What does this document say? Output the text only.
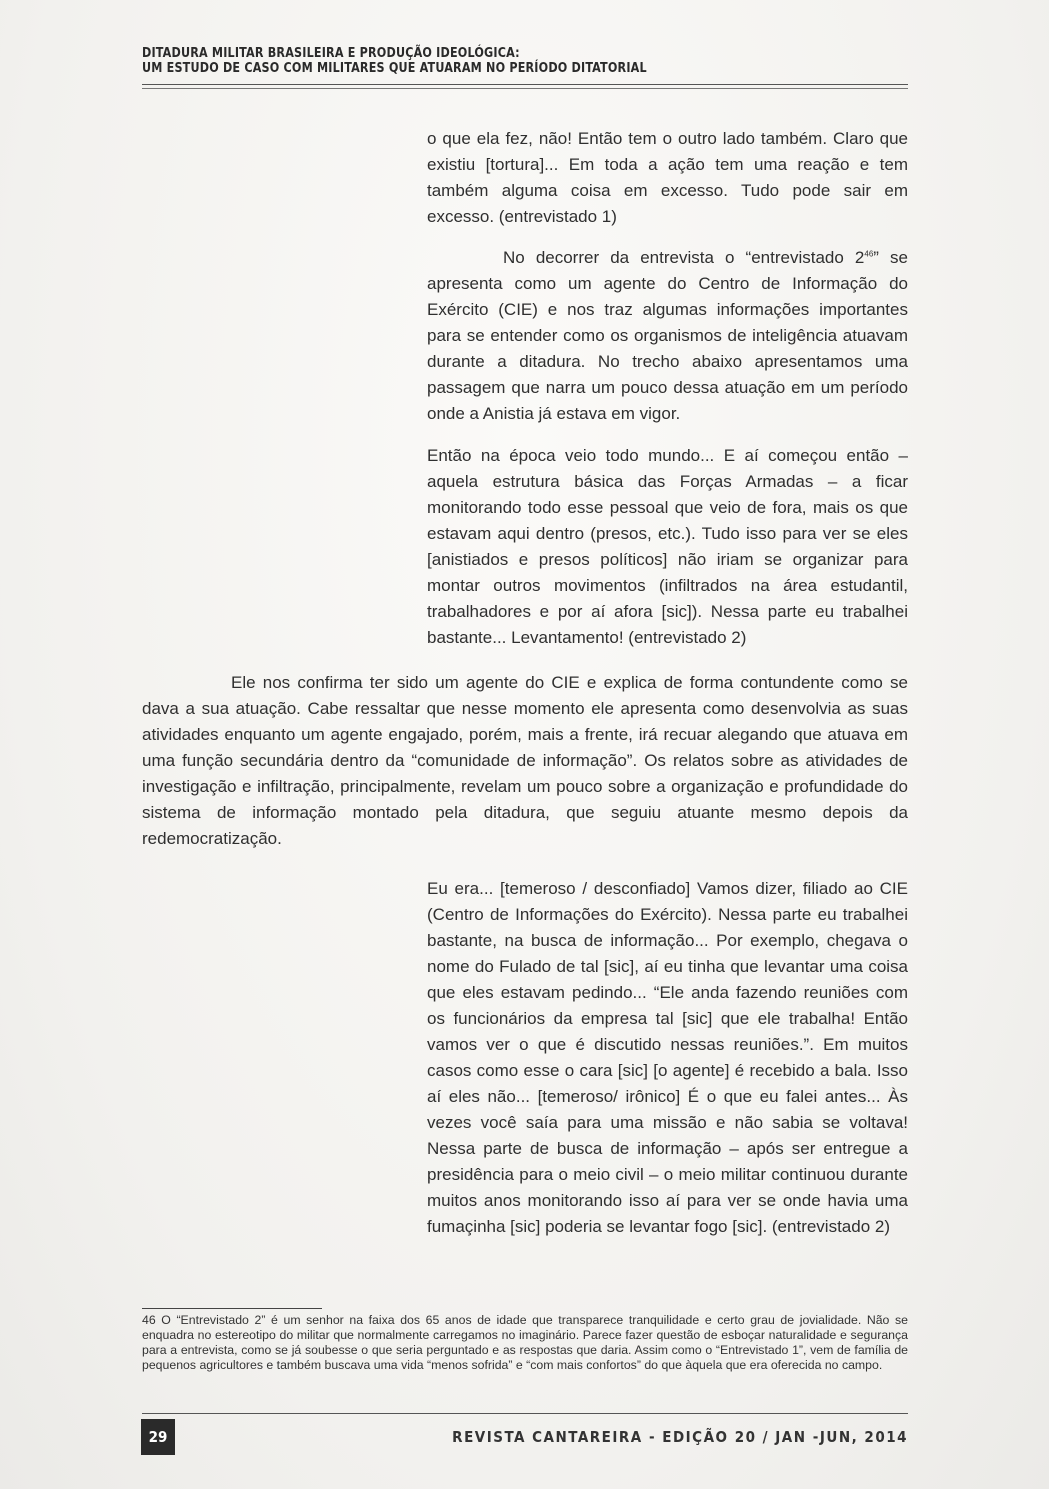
DITADURA MILITAR BRASILEIRA E PRODUÇÃO IDEOLÓGICA:
UM ESTUDO DE CASO COM MILITARES QUE ATUARAM NO PERÍODO DITATORIAL

o que ela fez, não! Então tem o outro lado também. Claro que existiu [tortura]... Em toda a ação tem uma reação e tem também alguma coisa em excesso. Tudo pode sair em excesso. (entrevistado 1)

No decorrer da entrevista o “entrevistado $2^{46}$” se apresenta como um agente do Centro de Informação do Exército (CIE) e nos traz algumas informações importantes para se entender como os organismos de inteligência atuavam durante a ditadura. No trecho abaixo apresentamos uma passagem que narra um pouco dessa atuação em um período onde a Anistia já estava em vigor.

Então na época veio todo mundo... E aí começou então – aquela estrutura básica das Forças Armadas – a ficar monitorando todo esse pessoal que veio de fora, mais os que estavam aqui dentro (presos, etc.). Tudo isso para ver se eles [anistiados e presos políticos] não iriam se organizar para montar outros movimentos (infiltrados na área estudantil, trabalhadores e por aí afora [sic]). Nessa parte eu trabalhei bastante... Levantamento! (entrevistado 2)

Ele nos confirma ter sido um agente do CIE e explica de forma contundente como se dava a sua atuação. Cabe ressaltar que nesse momento ele apresenta como desenvolvia as suas atividades enquanto um agente engajado, porém, mais a frente, irá recuar alegando que atuava em uma função secundária dentro da “comunidade de informação”. Os relatos sobre as atividades de investigação e infiltração, principalmente, revelam um pouco sobre a organização e profundidade do sistema de informação montado pela ditadura, que seguiu atuante mesmo depois da redemocratização.

Eu era... [temeroso / desconfiado] Vamos dizer, filiado ao CIE (Centro de Informações do Exército). Nessa parte eu trabalhei bastante, na busca de informação... Por exemplo, chegava o nome do Fulado de tal [sic], aí eu tinha que levantar uma coisa que eles estavam pedindo... “Ele anda fazendo reuniões com os funcionários da empresa tal [sic] que ele trabalha! Então vamos ver o que é discutido nessas reuniões.”. Em muitos casos como esse o cara [sic] [o agente] é recebido a bala. Isso aí eles não... [temeroso/ irônico] É o que eu falei antes... Às vezes você saía para uma missão e não sabia se voltava! Nessa parte de busca de informação – após ser entregue a presidência para o meio civil – o meio militar continuou durante muitos anos monitorando isso aí para ver se onde havia uma fumaçinha [sic] poderia se levantar fogo [sic]. (entrevistado 2)

46 O “Entrevistado 2” é um senhor na faixa dos 65 anos de idade que transparece tranquilidade e certo grau de jovialidade. Não se enquadra no estereotipo do militar que normalmente carregamos no imaginário. Parece fazer questão de esboçar naturalidade e segurança para a entrevista, como se já soubesse o que seria perguntado e as respostas que daria. Assim como o “Entrevistado 1”, vem de família de pequenos agricultores e também buscava uma vida “menos sofrida” e “com mais confortos” do que àquela que era oferecida no campo.

29	REVISTA CANTAREIRA - EDIÇÃO 20 / JAN -JUN, 2014
